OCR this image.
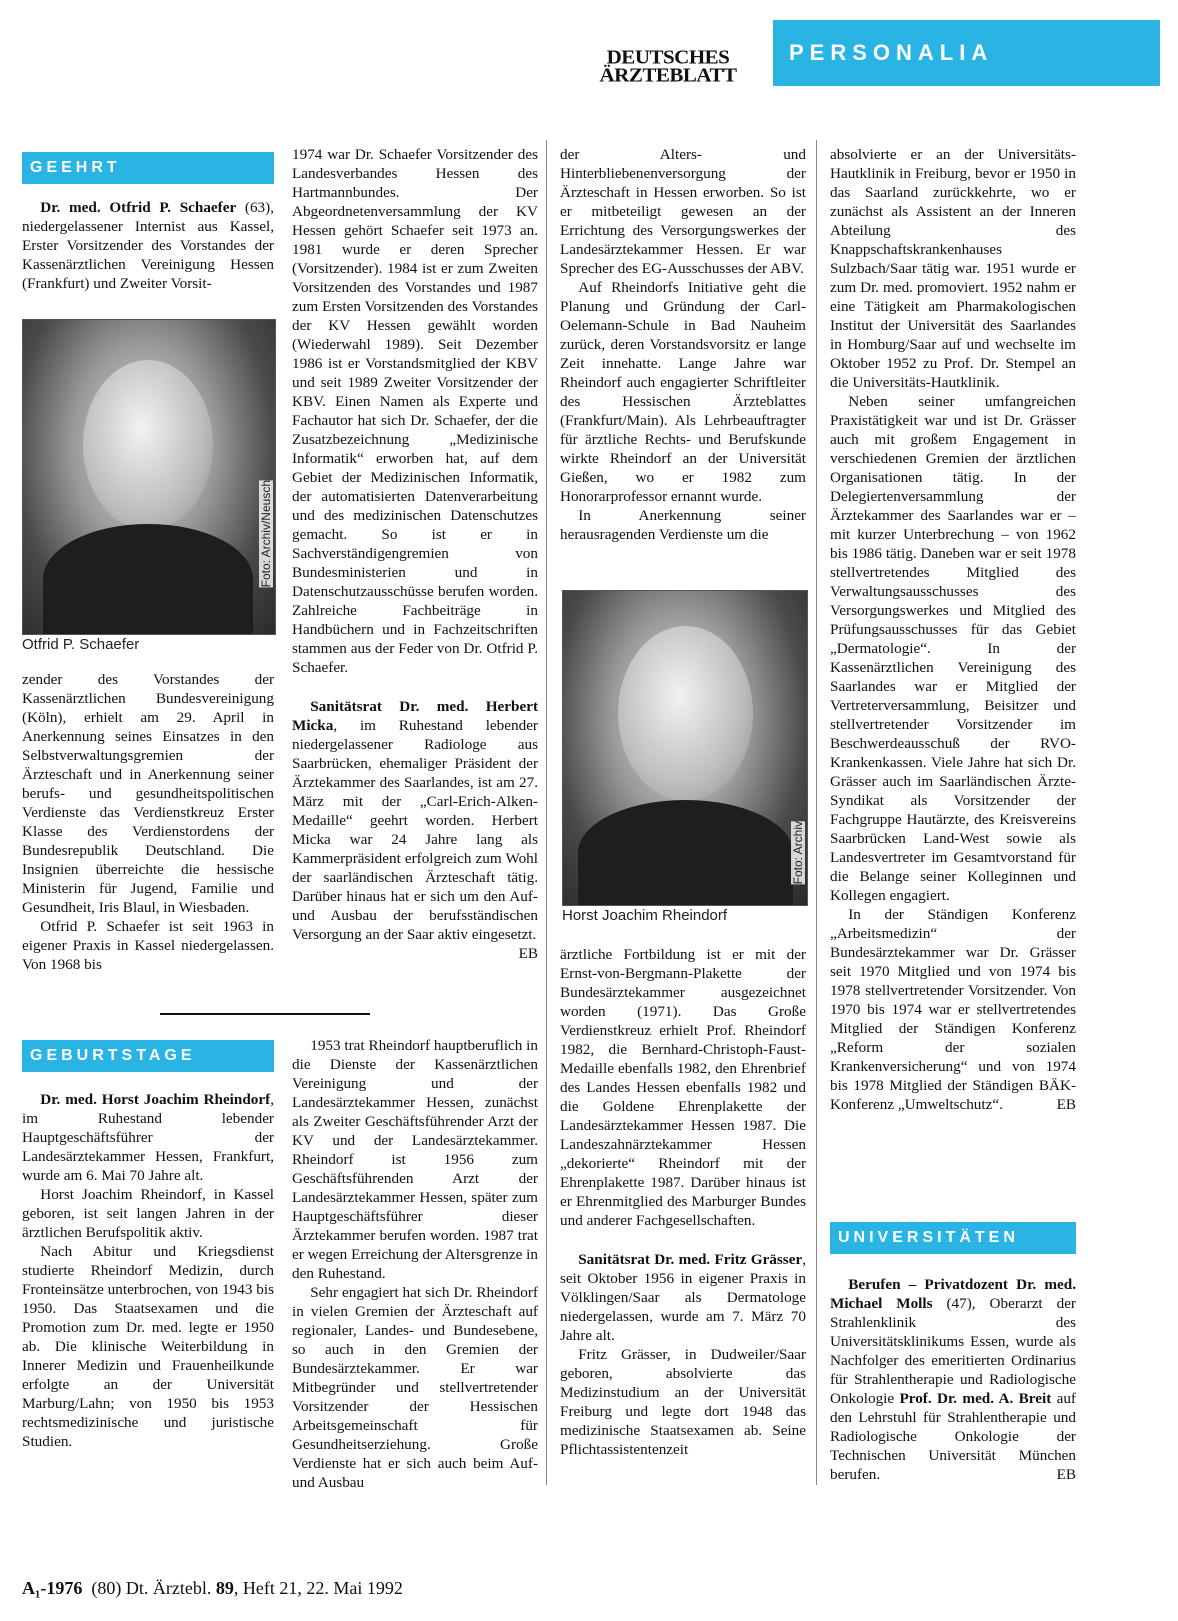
DEUTSCHES
ÄRZTEBLATT
PERSONALIA
GEEHRT

Dr. med. Otfrid P. Schaefer (63), niedergelassener Internist aus Kassel, Erster Vorsitzender des Vorstandes der Kassenärztlichen Vereinigung Hessen (Frankfurt) und Zweiter Vorsit-

Foto: Archiv/Neusch
Otfrid P. Schaefer

zender des Vorstandes der Kassenärztlichen Bundesvereinigung (Köln), erhielt am 29. April in Anerkennung seines Einsatzes in den Selbstverwaltungsgremien der Ärzteschaft und in Anerkennung seiner berufs- und gesundheitspolitischen Verdienste das Verdienstkreuz Erster Klasse des Verdienstordens der Bundesrepublik Deutschland. Die Insignien überreichte die hessische Ministerin für Jugend, Familie und Gesundheit, Iris Blaul, in Wiesbaden.

Otfrid P. Schaefer ist seit 1963 in eigener Praxis in Kassel niedergelassen. Von 1968 bis

1974 war Dr. Schaefer Vorsitzender des Landesverbandes Hessen des Hartmannbundes. Der Abgeordnetenversammlung der KV Hessen gehört Schaefer seit 1973 an. 1981 wurde er deren Sprecher (Vorsitzender). 1984 ist er zum Zweiten Vorsitzenden des Vorstandes und 1987 zum Ersten Vorsitzenden des Vorstandes der KV Hessen gewählt worden (Wiederwahl 1989). Seit Dezember 1986 ist er Vorstandsmitglied der KBV und seit 1989 Zweiter Vorsitzender der KBV. Einen Namen als Experte und Fachautor hat sich Dr. Schaefer, der die Zusatzbezeichnung „Medizinische Informatik“ erworben hat, auf dem Gebiet der Medizinischen Informatik, der automatisierten Datenverarbeitung und des medizinischen Datenschutzes gemacht. So ist er in Sachverständigengremien von Bundesministerien und in Datenschutzausschüsse berufen worden. Zahlreiche Fachbeiträge in Handbüchern und in Fachzeitschriften stammen aus der Feder von Dr. Otfrid P. Schaefer.

Sanitätsrat Dr. med. Herbert Micka, im Ruhestand lebender niedergelassener Radiologe aus Saarbrücken, ehemaliger Präsident der Ärztekammer des Saarlandes, ist am 27. März mit der „Carl-Erich-Alken-Medaille“ geehrt worden. Herbert Micka war 24 Jahre lang als Kammerpräsident erfolgreich zum Wohl der saarländischen Ärzteschaft tätig. Darüber hinaus hat er sich um den Auf- und Ausbau der berufsständischen Versorgung an der Saar aktiv eingesetzt.
EB

GEBURTSTAGE

Dr. med. Horst Joachim Rheindorf, im Ruhestand lebender Hauptgeschäftsführer der Landesärztekammer Hessen, Frankfurt, wurde am 6. Mai 70 Jahre alt.

Horst Joachim Rheindorf, in Kassel geboren, ist seit langen Jahren in der ärztlichen Berufspolitik aktiv.

Nach Abitur und Kriegsdienst studierte Rheindorf Medizin, durch Fronteinsätze unterbrochen, von 1943 bis 1950. Das Staatsexamen und die Promotion zum Dr. med. legte er 1950 ab. Die klinische Weiterbildung in Innerer Medizin und Frauenheilkunde erfolgte an der Universität Marburg/Lahn; von 1950 bis 1953 rechtsmedizinische und juristische Studien.

1953 trat Rheindorf hauptberuflich in die Dienste der Kassenärztlichen Vereinigung und der Landesärztekammer Hessen, zunächst als Zweiter Geschäftsführender Arzt der KV und der Landesärztekammer. Rheindorf ist 1956 zum Geschäftsführenden Arzt der Landesärztekammer Hessen, später zum Hauptgeschäftsführer dieser Ärztekammer berufen worden. 1987 trat er wegen Erreichung der Altersgrenze in den Ruhestand.

Sehr engagiert hat sich Dr. Rheindorf in vielen Gremien der Ärzteschaft auf regionaler, Landes- und Bundesebene, so auch in den Gremien der Bundesärztekammer. Er war Mitbegründer und stellvertretender Vorsitzender der Hessischen Arbeitsgemeinschaft für Gesundheitserziehung. Große Verdienste hat er sich auch beim Auf- und Ausbau

der Alters- und Hinterbliebenenversorgung der Ärzteschaft in Hessen erworben. So ist er mitbeteiligt gewesen an der Errichtung des Versorgungswerkes der Landesärztekammer Hessen. Er war Sprecher des EG-Ausschusses der ABV.

Auf Rheindorfs Initiative geht die Planung und Gründung der Carl-Oelemann-Schule in Bad Nauheim zurück, deren Vorstandsvorsitz er lange Zeit innehatte. Lange Jahre war Rheindorf auch engagierter Schriftleiter des Hessischen Ärzteblattes (Frankfurt/Main). Als Lehrbeauftragter für ärztliche Rechts- und Berufskunde wirkte Rheindorf an der Universität Gießen, wo er 1982 zum Honorarprofessor ernannt wurde.

In Anerkennung seiner herausragenden Verdienste um die

Foto: Archiv
Horst Joachim Rheindorf

ärztliche Fortbildung ist er mit der Ernst-von-Bergmann-Plakette der Bundesärztekammer ausgezeichnet worden (1971). Das Große Verdienstkreuz erhielt Prof. Rheindorf 1982, die Bernhard-Christoph-Faust-Medaille ebenfalls 1982, den Ehrenbrief des Landes Hessen ebenfalls 1982 und die Goldene Ehrenplakette der Landesärztekammer Hessen 1987. Die Landeszahnärztekammer Hessen „dekorierte“ Rheindorf mit der Ehrenplakette 1987. Darüber hinaus ist er Ehrenmitglied des Marburger Bundes und anderer Fachgesellschaften.

Sanitätsrat Dr. med. Fritz Grässer, seit Oktober 1956 in eigener Praxis in Völklingen/Saar als Dermatologe niedergelassen, wurde am 7. März 70 Jahre alt.

Fritz Grässer, in Dudweiler/Saar geboren, absolvierte das Medizinstudium an der Universität Freiburg und legte dort 1948 das medizinische Staatsexamen ab. Seine Pflichtassistentenzeit

absolvierte er an der Universitäts-Hautklinik in Freiburg, bevor er 1950 in das Saarland zurückkehrte, wo er zunächst als Assistent an der Inneren Abteilung des Knappschaftskrankenhauses Sulzbach/Saar tätig war. 1951 wurde er zum Dr. med. promoviert. 1952 nahm er eine Tätigkeit am Pharmakologischen Institut der Universität des Saarlandes in Homburg/Saar auf und wechselte im Oktober 1952 zu Prof. Dr. Stempel an die Universitäts-Hautklinik.

Neben seiner umfangreichen Praxistätigkeit war und ist Dr. Grässer auch mit großem Engagement in verschiedenen Gremien der ärztlichen Organisationen tätig. In der Delegiertenversammlung der Ärztekammer des Saarlandes war er – mit kurzer Unterbrechung – von 1962 bis 1986 tätig. Daneben war er seit 1978 stellvertretendes Mitglied des Verwaltungsausschusses des Versorgungswerkes und Mitglied des Prüfungsausschusses für das Gebiet „Dermatologie“. In der Kassenärztlichen Vereinigung des Saarlandes war er Mitglied der Vertreterversammlung, Beisitzer und stellvertretender Vorsitzender im Beschwerdeausschuß der RVO-Krankenkassen. Viele Jahre hat sich Dr. Grässer auch im Saarländischen Ärzte-Syndikat als Vorsitzender der Fachgruppe Hautärzte, des Kreisvereins Saarbrücken Land-West sowie als Landesvertreter im Gesamtvorstand für die Belange seiner Kolleginnen und Kollegen engagiert.

In der Ständigen Konferenz „Arbeitsmedizin“ der Bundesärztekammer war Dr. Grässer seit 1970 Mitglied und von 1974 bis 1978 stellvertretender Vorsitzender. Von 1970 bis 1974 war er stellvertretendes Mitglied der Ständigen Konferenz „Reform der sozialen Krankenversicherung“ und von 1974 bis 1978 Mitglied der Ständigen BÄK-Konferenz „Umweltschutz“.	EB

UNIVERSITÄTEN

Berufen – Privatdozent Dr. med. Michael Molls (47), Oberarzt der Strahlenklinik des Universitätsklinikums Essen, wurde als Nachfolger des emeritierten Ordinarius für Strahlentherapie und Radiologische Onkologie Prof. Dr. med. A. Breit auf den Lehrstuhl für Strahlentherapie und Radiologische Onkologie der Technischen Universität München berufen.	EB

A₁-1976 (80) Dt. Ärztebl. 89, Heft 21, 22. Mai 1992
